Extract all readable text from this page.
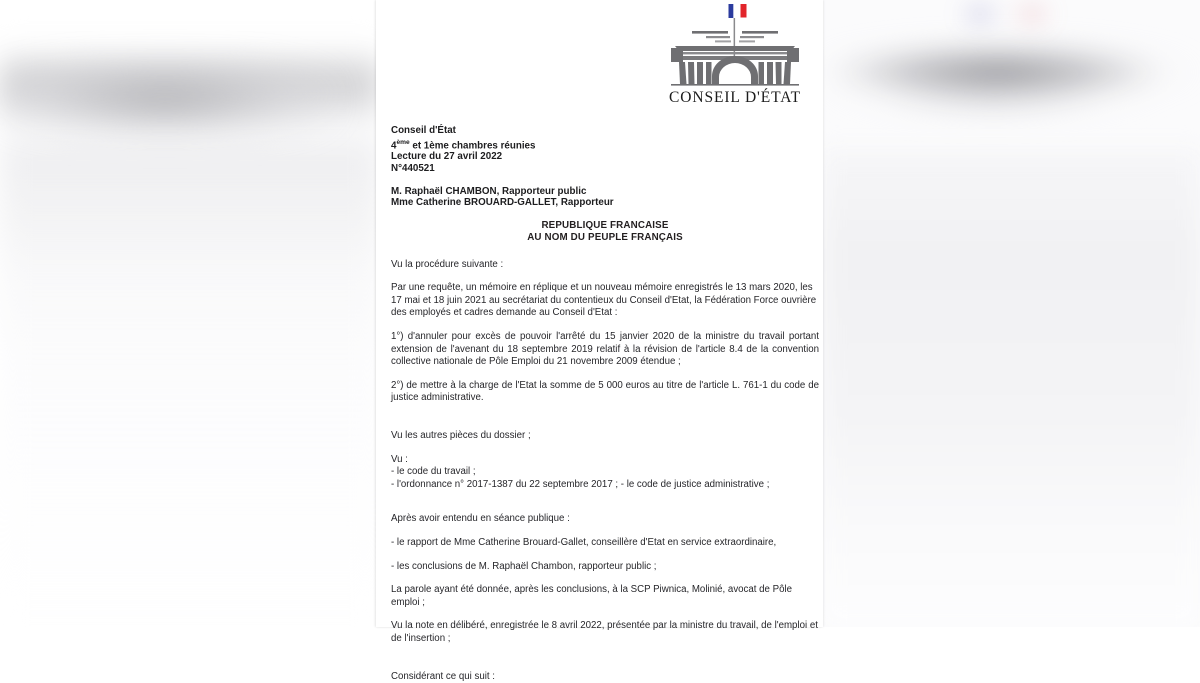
CONSEIL D'ÉTAT
Conseil d'État
4ème et 1ème chambres réunies
Lecture du 27 avril 2022
N°440521
M. Raphaël CHAMBON, Rapporteur public
Mme Catherine BROUARD-GALLET, Rapporteur
REPUBLIQUE FRANCAISE
AU NOM DU PEUPLE FRANÇAIS

Vu la procédure suivante :

Par une requête, un mémoire en réplique et un nouveau mémoire enregistrés le 13 mars 2020, les 17 mai et 18 juin 2021 au secrétariat du contentieux du Conseil d'Etat, la Fédération Force ouvrière des employés et cadres demande au Conseil d'Etat :

1°) d'annuler pour excès de pouvoir l'arrêté du 15 janvier 2020 de la ministre du travail portant extension de l'avenant du 18 septembre 2019 relatif à la révision de l'article 8.4 de la convention collective nationale de Pôle Emploi du 21 novembre 2009 étendue ;

2°) de mettre à la charge de l'Etat la somme de 5 000 euros au titre de l'article L. 761-1 du code de justice administrative.

Vu les autres pièces du dossier ;

Vu :

- le code du travail ;

- l'ordonnance n° 2017-1387 du 22 septembre 2017 ; - le code de justice administrative ;

Après avoir entendu en séance publique :

- le rapport de Mme Catherine Brouard-Gallet, conseillère d'Etat en service extraordinaire,

- les conclusions de M. Raphaël Chambon, rapporteur public ;

La parole ayant été donnée, après les conclusions, à la SCP Piwnica, Molinié, avocat de Pôle emploi ;

Vu la note en délibéré, enregistrée le 8 avril 2022, présentée par la ministre du travail, de l'emploi et de l'insertion ;

Considérant ce qui suit :
